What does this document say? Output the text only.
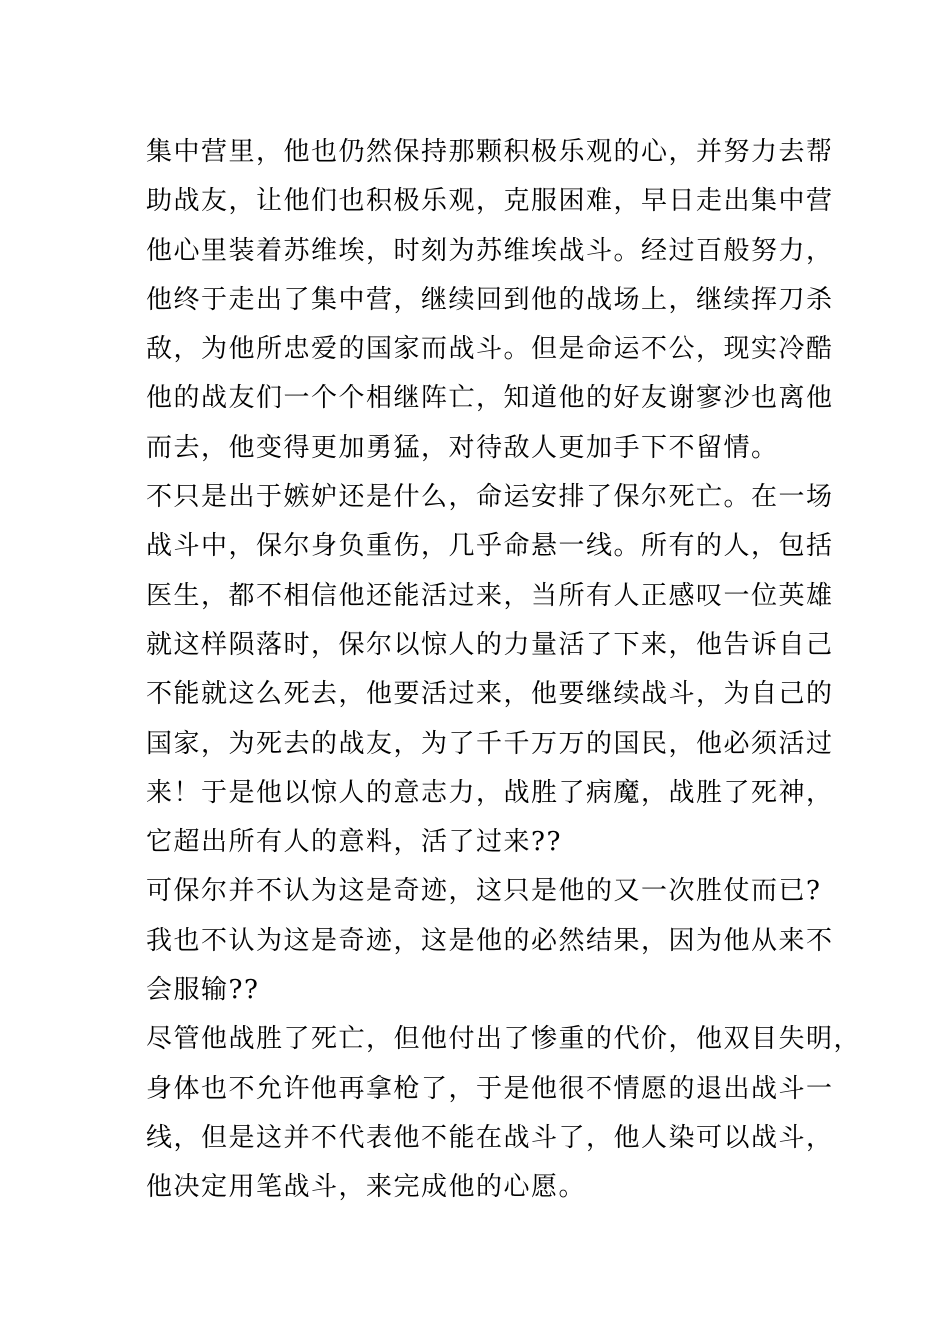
集中营里，他也仍然保持那颗积极乐观的心，并努力去帮
助战友，让他们也积极乐观，克服困难，早日走出集中营
他心里装着苏维埃，时刻为苏维埃战斗。经过百般努力，
他终于走出了集中营，继续回到他的战场上，继续挥刀杀
敌，为他所忠爱的国家而战斗。但是命运不公，现实冷酷
他的战友们一个个相继阵亡，知道他的好友谢寥沙也离他
而去，他变得更加勇猛，对待敌人更加手下不留情。
不只是出于嫉妒还是什么，命运安排了保尔死亡。在一场
战斗中，保尔身负重伤，几乎命悬一线。所有的人，包括
医生，都不相信他还能活过来，当所有人正感叹一位英雄
就这样陨落时，保尔以惊人的力量活了下来，他告诉自己
不能就这么死去，他要活过来，他要继续战斗，为自己的
国家，为死去的战友，为了千千万万的国民，他必须活过
来！于是他以惊人的意志力，战胜了病魔，战胜了死神，
它超出所有人的意料，活了过来??
可保尔并不认为这是奇迹，这只是他的又一次胜仗而已?
我也不认为这是奇迹，这是他的必然结果，因为他从来不
会服输??
尽管他战胜了死亡，但他付出了惨重的代价，他双目失明，
身体也不允许他再拿枪了，于是他很不情愿的退出战斗一
线，但是这并不代表他不能在战斗了，他人染可以战斗，
他决定用笔战斗，来完成他的心愿。
